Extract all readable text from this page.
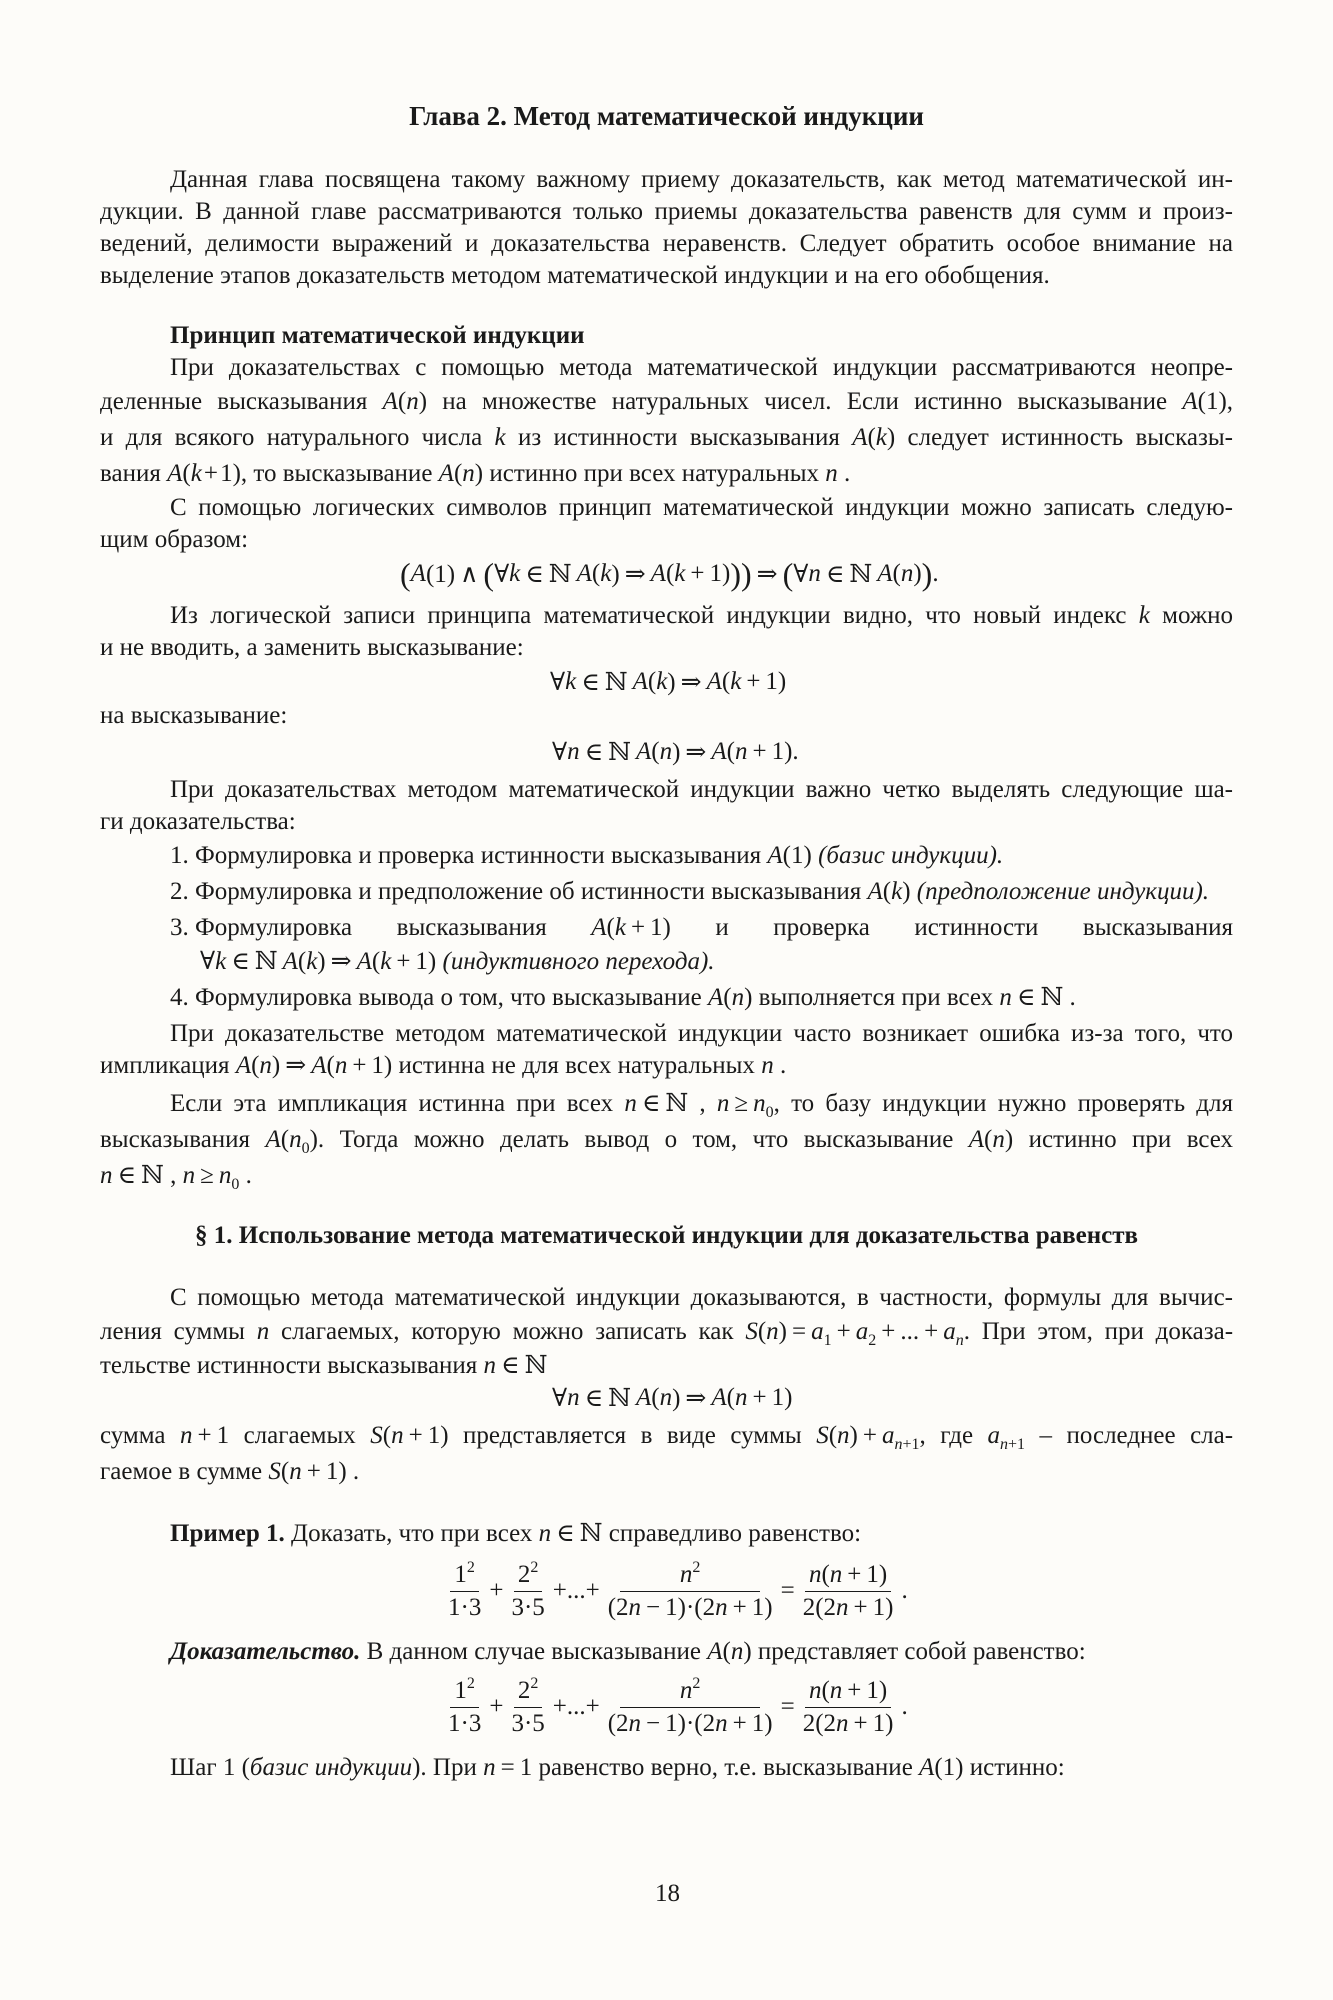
Глава 2. Метод математической индукции
Данная глава посвящена такому важному приему доказательств, как метод математической ин-
дукции. В данной главе рассматриваются только приемы доказательства равенств для сумм и произ-
ведений, делимости выражений и доказательства неравенств. Следует обратить особое внимание на
выделение этапов доказательств методом математической индукции и на его обобщения.
Принцип математической индукции
При доказательствах с помощью метода математической индукции рассматриваются неопре-
деленные высказывания A(n) на множестве натуральных чисел. Если истинно высказывание A(1),
и для всякого натурального числа k из истинности высказывания A(k) следует истинность высказы-
вания A(k + 1), то высказывание A(n) истинно при всех натуральных n .
С помощью логических символов принцип математической индукции можно записать следую-
щим образом:
( A (1) ∧  ( ∀ k  ∈ ℕ  A ( k ) ⇒  A ( k  + 1) ))  ⇒  ( ∀ n  ∈ ℕ  A ( n ) ) .
Из логической записи принципа математической индукции видно, что новый индекс k можно
и не вводить, а заменить высказывание:
∀ k  ∈ ℕ  A ( k ) ⇒  A ( k  + 1)
на высказывание:
∀ n  ∈ ℕ  A ( n ) ⇒  A ( n  + 1).
При доказательствах методом математической индукции важно четко выделять следующие ша-
ги доказательства:
1. Формулировка и проверка истинности высказывания A(1) (базис индукции).
2. Формулировка и предположение об истинности высказывания A(k) (предположение индукции).
3. Формулировка высказывания A(k + 1) и проверка истинности высказывания
∀k ∈ ℕ A(k) ⇒ A(k + 1) (индуктивного перехода).
4. Формулировка вывода о том, что высказывание A(n) выполняется при всех n ∈ ℕ .
При доказательстве методом математической индукции часто возникает ошибка из-за того, что
импликация A(n) ⇒ A(n + 1) истинна не для всех натуральных n .
Если эта импликация истинна при всех n ∈ ℕ , $n \ge n_0$, то базу индукции нужно проверять для
высказывания $A(n_0)$. Тогда можно делать вывод о том, что высказывание A(n) истинно при всех
n ∈ ℕ , $n \ge n_0$ .
§ 1. Использование метода математической индукции для доказательства равенств
С помощью метода математической индукции доказываются, в частности, формулы для вычис-
ления суммы n слагаемых, которую можно записать как $S(n) = a_1 + a_2$ + ... + $a_n$. При этом, при доказа-
тельстве истинности высказывания n ∈ ℕ
∀ n  ∈ ℕ  A ( n ) ⇒  A ( n  + 1)
сумма n + 1 слагаемых S(n + 1) представляется в виде суммы $S(n) + a_{n+1}$, где $a_{n+1}$ – последнее сла-
гаемое в сумме S(n + 1) .
Пример 1. Доказать, что при всех n ∈ ℕ справедливо равенство:
$\frac{1^2}{1\cdot 3} + \frac{2^2}{3\cdot 5}$ +...+ $\frac{n^2}{(2n - 1)\cdot(2n + 1)} = \frac{n(n + 1)}{2(2n + 1)}$ .
Доказательство. В данном случае высказывание A(n) представляет собой равенство:
$\frac{1^2}{1\cdot 3} + \frac{2^2}{3\cdot 5}$ +...+ $\frac{n^2}{(2n - 1)\cdot(2n + 1)} = \frac{n(n + 1)}{2(2n + 1)}$ .
Шаг 1 (базис индукции). При n = 1 равенство верно, т.е. высказывание A(1) истинно:
18
